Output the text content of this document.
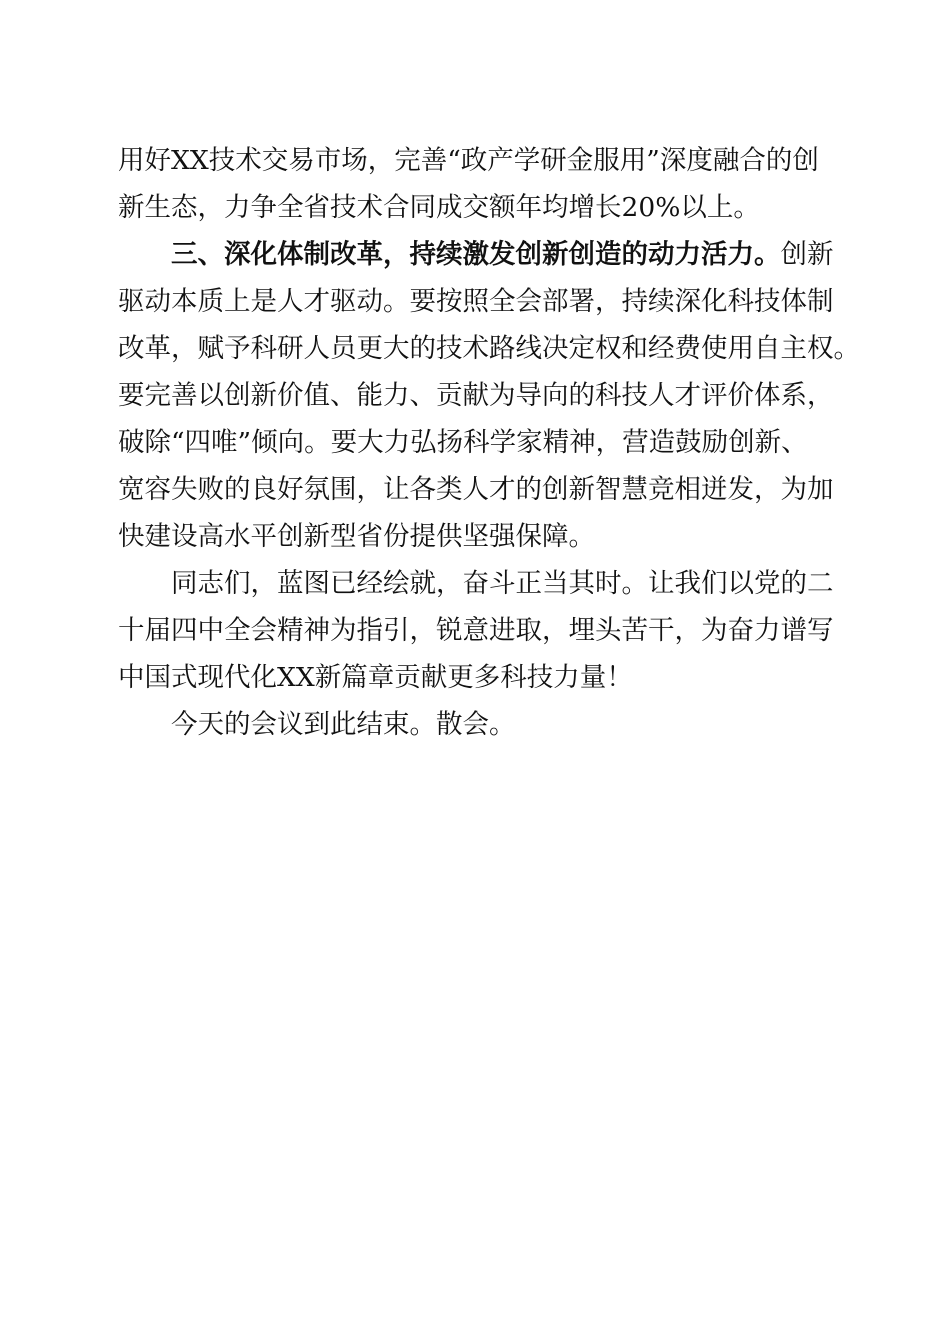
用好XX技术交易市场，完善“政产学研金服用”深度融合的创
新生态，力争全省技术合同成交额年均增长20%以上。
三、深化体制改革，持续激发创新创造的动力活力。创新
驱动本质上是人才驱动。要按照全会部署，持续深化科技体制
改革，赋予科研人员更大的技术路线决定权和经费使用自主权。
要完善以创新价值、能力、贡献为导向的科技人才评价体系，
破除“四唯”倾向。要大力弘扬科学家精神，营造鼓励创新、
宽容失败的良好氛围，让各类人才的创新智慧竞相迸发，为加
快建设高水平创新型省份提供坚强保障。
同志们，蓝图已经绘就，奋斗正当其时。让我们以党的二
十届四中全会精神为指引，锐意进取，埋头苦干，为奋力谱写
中国式现代化XX新篇章贡献更多科技力量！
今天的会议到此结束。散会。
